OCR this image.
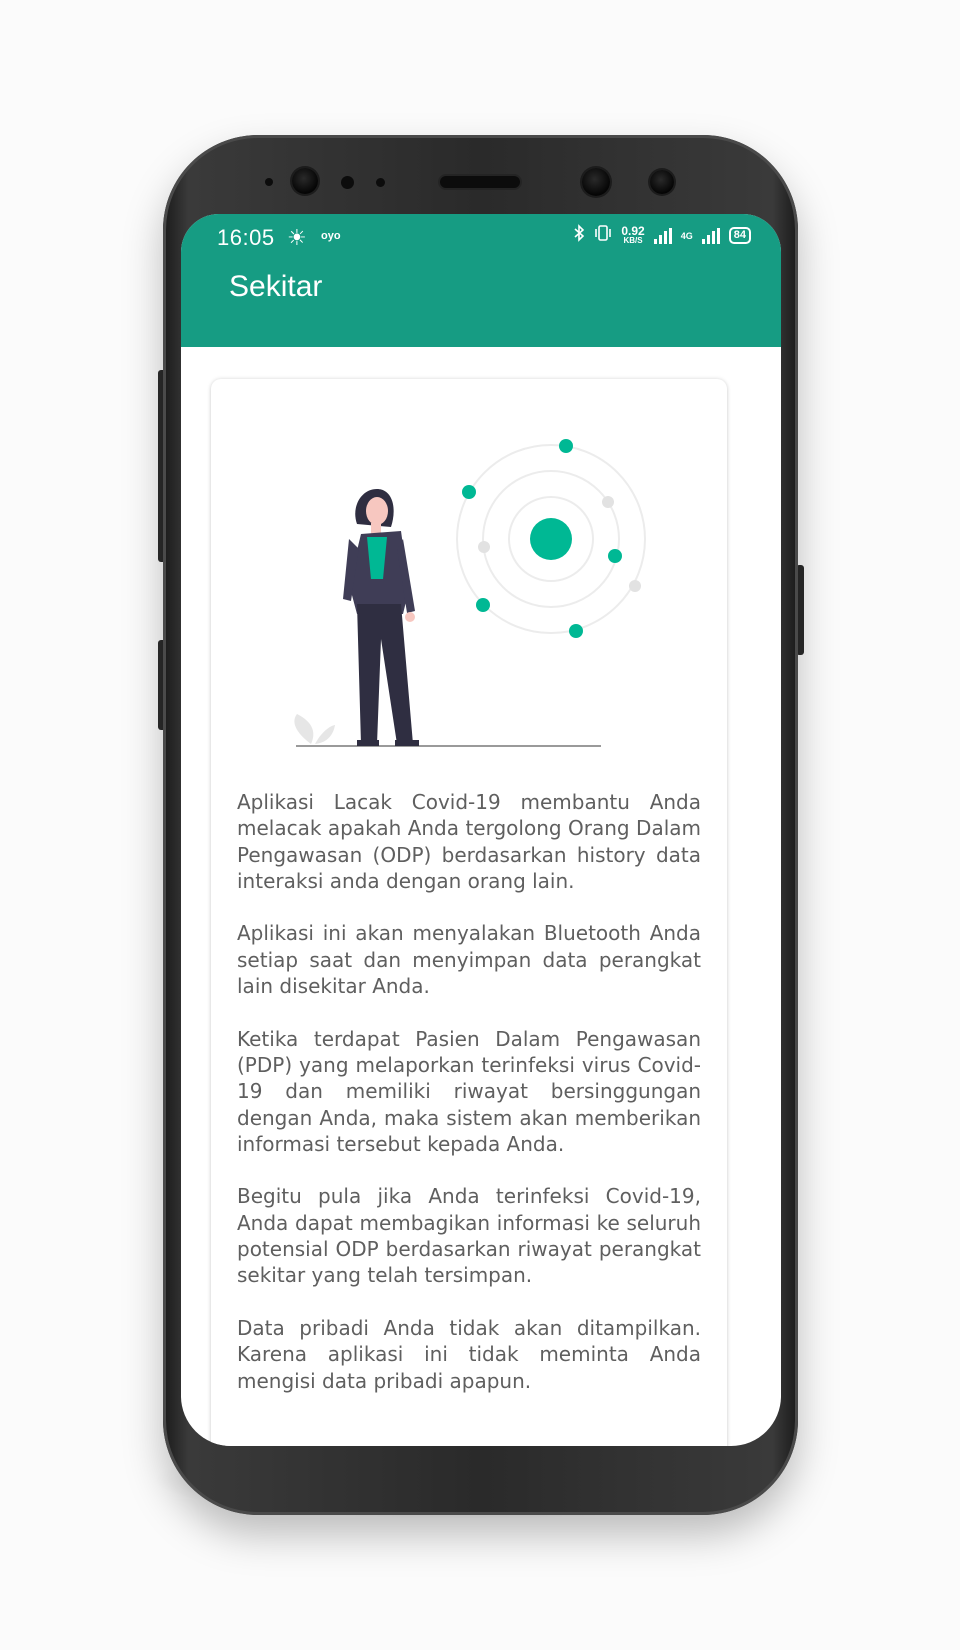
16:05 ☀ oyo	0.92
KB/S	4G	84
Sekitar

Aplikasi Lacak Covid-19 membantu Anda melacak apakah Anda tergolong Orang Dalam Pengawasan (ODP) berdasarkan history data interaksi anda dengan orang lain.

Aplikasi ini akan menyalakan Bluetooth Anda setiap saat dan menyimpan data perangkat lain disekitar Anda.

Ketika terdapat Pasien Dalam Pengawasan (PDP) yang melaporkan terinfeksi virus Covid-19 dan memiliki riwayat bersinggungan dengan Anda, maka sistem akan memberikan informasi tersebut kepada Anda.

Begitu pula jika Anda terinfeksi Covid-19, Anda dapat membagikan informasi ke seluruh potensial ODP berdasarkan riwayat perangkat sekitar yang telah tersimpan.

Data pribadi Anda tidak akan ditampilkan. Karena aplikasi ini tidak meminta Anda mengisi data pribadi apapun.
